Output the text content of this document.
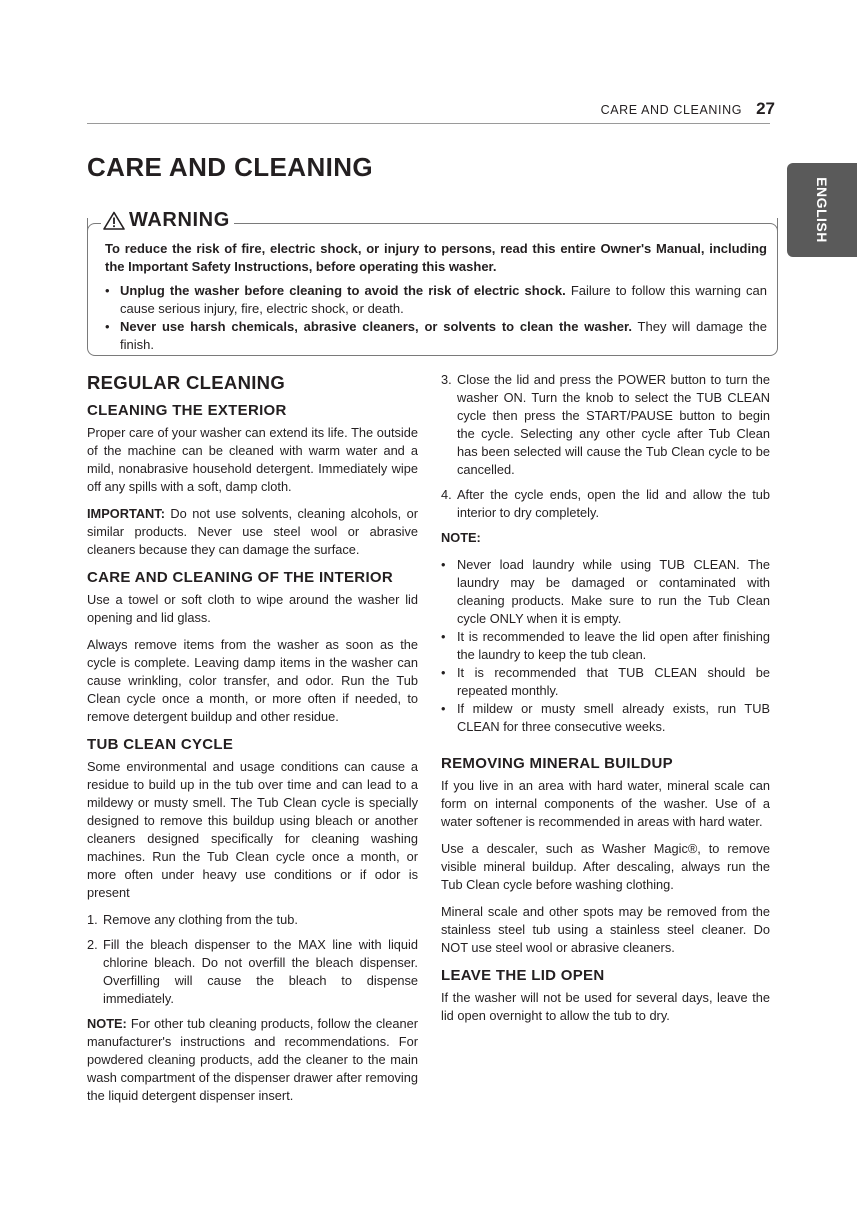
CARE AND CLEANING 27
ENGLISH
CARE AND CLEANING
WARNING

To reduce the risk of fire, electric shock, or injury to persons, read this entire Owner's Manual, including the Important Safety Instructions, before operating this washer.

• Unplug the washer before cleaning to avoid the risk of electric shock. Failure to follow this warning can cause serious injury, fire, electric shock, or death.
• Never use harsh chemicals, abrasive cleaners, or solvents to clean the washer. They will damage the finish.
REGULAR CLEANING
CLEANING THE EXTERIOR

Proper care of your washer can extend its life. The outside of the machine can be cleaned with warm water and a mild, nonabrasive household detergent. Immediately wipe off any spills with a soft, damp cloth.

IMPORTANT: Do not use solvents, cleaning alcohols, or similar products. Never use steel wool or abrasive cleaners because they can damage the surface.

CARE AND CLEANING OF THE INTERIOR

Use a towel or soft cloth to wipe around the washer lid opening and lid glass.

Always remove items from the washer as soon as the cycle is complete. Leaving damp items in the washer can cause wrinkling, color transfer, and odor. Run the Tub Clean cycle once a month, or more often if needed, to remove detergent buildup and other residue.

TUB CLEAN CYCLE

Some environmental and usage conditions can cause a residue to build up in the tub over time and can lead to a mildewy or musty smell. The Tub Clean cycle is specially designed to remove this buildup using bleach or another cleaners designed specifically for cleaning washing machines. Run the Tub Clean cycle once a month, or more often under heavy use conditions or if odor is present

1. Remove any clothing from the tub.
2. Fill the bleach dispenser to the MAX line with liquid chlorine bleach. Do not overfill the bleach dispenser. Overfilling will cause the bleach to dispense immediately.

NOTE: For other tub cleaning products, follow the cleaner manufacturer's instructions and recommendations. For powdered cleaning products, add the cleaner to the main wash compartment of the dispenser drawer after removing the liquid detergent dispenser insert.

3. Close the lid and press the POWER button to turn the washer ON. Turn the knob to select the TUB CLEAN cycle then press the START/PAUSE button to begin the cycle. Selecting any other cycle after Tub Clean has been selected will cause the Tub Clean cycle to be cancelled.
4. After the cycle ends, open the lid and allow the tub interior to dry completely.

NOTE:

• Never load laundry while using TUB CLEAN. The laundry may be damaged or contaminated with cleaning products. Make sure to run the Tub Clean cycle ONLY when it is empty.
• It is recommended to leave the lid open after finishing the laundry to keep the tub clean.
• It is recommended that TUB CLEAN should be repeated monthly.
• If mildew or musty smell already exists, run TUB CLEAN for three consecutive weeks.
REMOVING MINERAL BUILDUP

If you live in an area with hard water, mineral scale can form on internal components of the washer. Use of a water softener is recommended in areas with hard water.

Use a descaler, such as Washer Magic®, to remove visible mineral buildup. After descaling, always run the Tub Clean cycle before washing clothing.

Mineral scale and other spots may be removed from the stainless steel tub using a stainless steel cleaner. Do NOT use steel wool or abrasive cleaners.

LEAVE THE LID OPEN

If the washer will not be used for several days, leave the lid open overnight to allow the tub to dry.
